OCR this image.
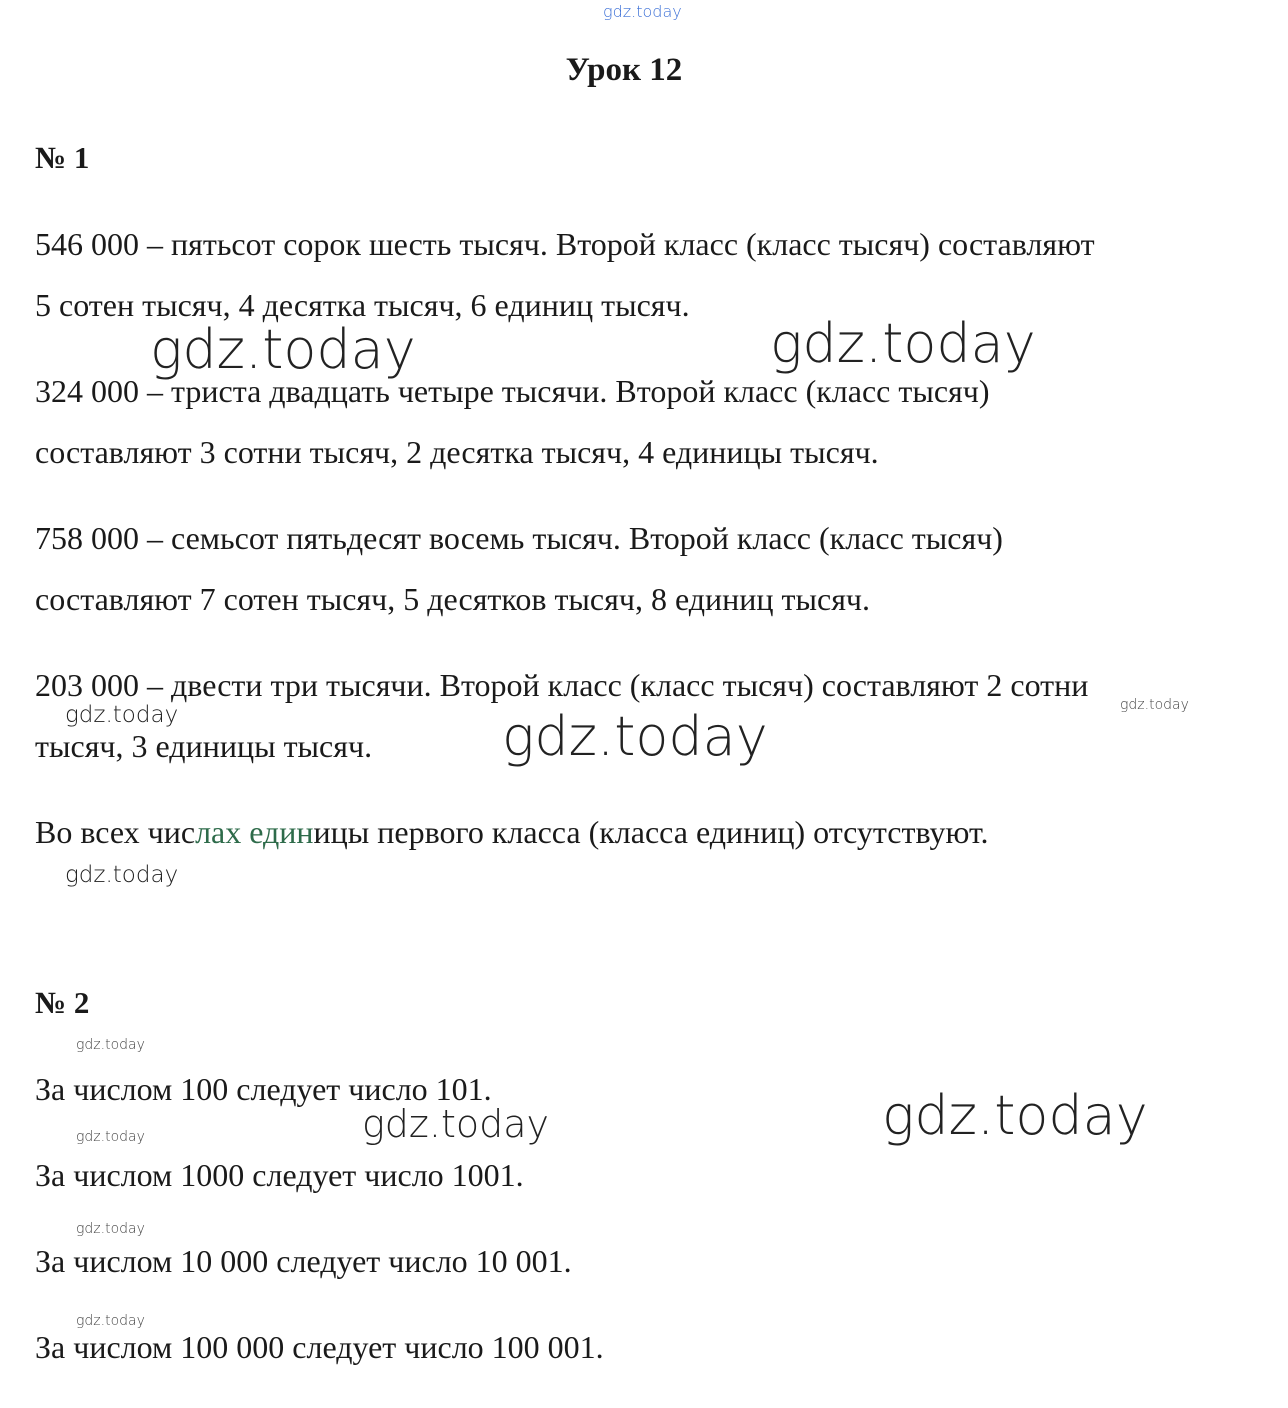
gdz.today
Урок 12
№ 1
546 000 – пятьсот сорок шесть тысяч. Второй класс (класс тысяч) составляют
5 сотен тысяч, 4 десятка тысяч, 6 единиц тысяч.
324 000 – триста двадцать четыре тысячи. Второй класс (класс тысяч)
составляют 3 сотни тысяч, 2 десятка тысяч, 4 единицы тысяч.
758 000 – семьсот пятьдесят восемь тысяч. Второй класс (класс тысяч)
составляют 7 сотен тысяч, 5 десятков тысяч, 8 единиц тысяч.
203 000 – двести три тысячи. Второй класс (класс тысяч) составляют 2 сотни
тысяч, 3 единицы тысяч.
Во всех числах единицы первого класса (класса единиц) отсутствуют.
№ 2
За числом 100 следует число 101.
За числом 1000 следует число 1001.
За числом 10 000 следует число 10 001.
За числом 100 000 следует число 100 001.
gdz.today	gdz.today
gdz.today	gdz.today
gdz.today
gdz.today
gdz.today
gdz.today	gdz.today
gdz.today
gdz.today
gdz.today
